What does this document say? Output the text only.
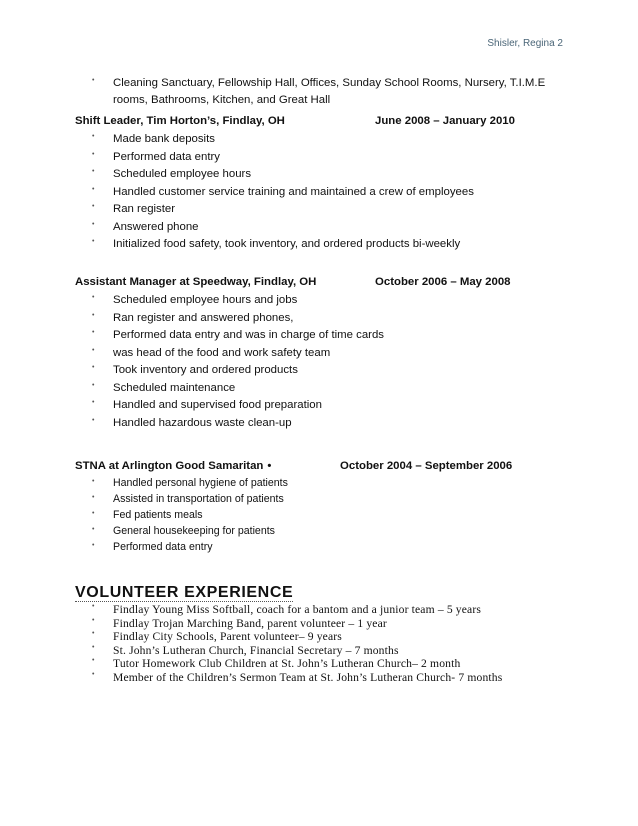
Shisler, Regina 2
• Cleaning Sanctuary, Fellowship Hall, Offices, Sunday School Rooms, Nursery, T.I.M.E
rooms, Bathrooms, Kitchen, and Great Hall
Shift Leader, Tim Horton’s, Findlay, OH	June 2008 – January 2010
• Made bank deposits
• Performed data entry
• Scheduled employee hours
• Handled customer service training and maintained a crew of employees
• Ran register
• Answered phone
• Initialized food safety, took inventory, and ordered products bi-weekly
Assistant Manager at Speedway, Findlay, OH	October 2006 – May 2008
• Scheduled employee hours and jobs
• Ran register and answered phones,
• Performed data entry and was in charge of time cards
• was head of the food and work safety team
• Took inventory and ordered products
• Scheduled maintenance
• Handled and supervised food preparation
• Handled hazardous waste clean-up
STNA at Arlington Good Samaritan •	October 2004 – September 2006
• Handled personal hygiene of patients
• Assisted in transportation of patients
• Fed patients meals
• General housekeeping for patients
• Performed data entry
VOLUNTEER EXPERIENCE
• Findlay Young Miss Softball, coach for a bantom and a junior team – 5 years
• Findlay Trojan Marching Band, parent volunteer – 1 year
• Findlay City Schools, Parent volunteer– 9 years
• St. John’s Lutheran Church, Financial Secretary – 7 months
• Tutor Homework Club Children at St. John’s Lutheran Church– 2 month
• Member of the Children’s Sermon Team at St. John’s Lutheran Church- 7 months
